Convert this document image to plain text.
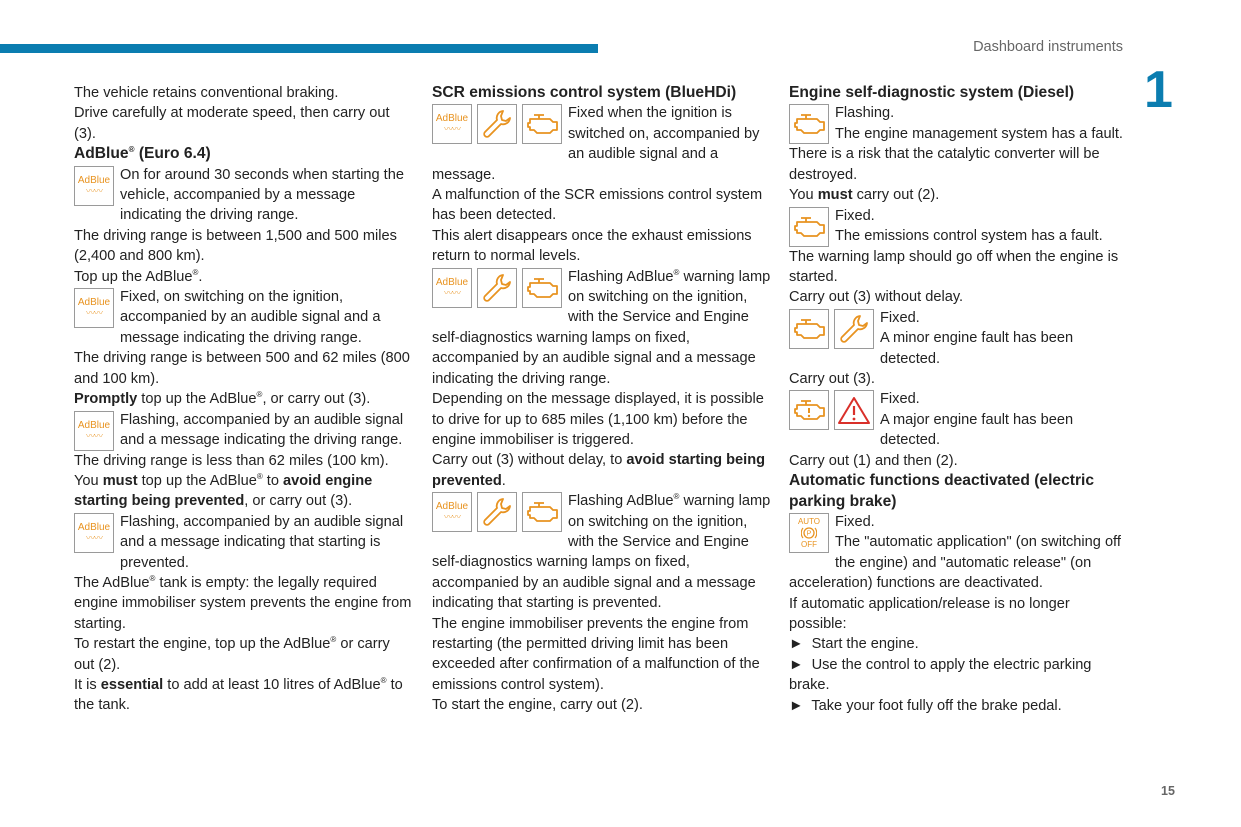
Dashboard instruments
1
15

The vehicle retains conventional braking.

Drive carefully at moderate speed, then carry out (3).

AdBlue® (Euro 6.4)
AdBlue
〰〰
On for around 30 seconds when starting the vehicle, accompanied by a message indicating the driving range.

The driving range is between 1,500 and 500 miles (2,400 and 800 km).

Top up the AdBlue®.

AdBlue
〰〰
Fixed, on switching on the ignition, accompanied by an audible signal and a message indicating the driving range.

The driving range is between 500 and 62 miles (800 and 100 km).

Promptly top up the AdBlue®, or carry out (3).

AdBlue
〰〰
Flashing, accompanied by an audible signal and a message indicating the driving range.

The driving range is less than 62 miles (100 km).

You must top up the AdBlue® to avoid engine starting being prevented, or carry out (3).

AdBlue
〰〰
Flashing, accompanied by an audible signal and a message indicating that starting is prevented.

The AdBlue® tank is empty: the legally required engine immobiliser system prevents the engine from starting.

To restart the engine, top up the AdBlue® or carry out (2).

It is essential to add at least 10 litres of AdBlue® to the tank.

SCR emissions control system (BlueHDi)
AdBlue
〰〰
Fixed when the ignition is switched on, accompanied by an audible signal and a message.

A malfunction of the SCR emissions control system has been detected.

This alert disappears once the exhaust emissions return to normal levels.

AdBlue
〰〰
Flashing AdBlue® warning lamp on switching on the ignition, with the Service and Engine self-diagnostics warning lamps on fixed, accompanied by an audible signal and a message indicating the driving range.

Depending on the message displayed, it is possible to drive for up to 685 miles (1,100 km) before the engine immobiliser is triggered.

Carry out (3) without delay, to avoid starting being prevented.

AdBlue
〰〰
Flashing AdBlue® warning lamp on switching on the ignition, with the Service and Engine self-diagnostics warning lamps on fixed, accompanied by an audible signal and a message indicating that starting is prevented.

The engine immobiliser prevents the engine from restarting (the permitted driving limit has been exceeded after confirmation of a malfunction of the emissions control system).

To start the engine, carry out (2).

Engine self-diagnostic system (Diesel)
Flashing.
The engine management system has a fault.

There is a risk that the catalytic converter will be destroyed.

You must carry out (2).

Fixed.
The emissions control system has a fault.

The warning lamp should go off when the engine is started.

Carry out (3) without delay.

Fixed.
A minor engine fault has been detected.

Carry out (3).

Fixed.
A major engine fault has been detected.

Carry out (1) and then (2).

Automatic functions deactivated (electric parking brake)
AUTO
P
OFF
Fixed.
The "automatic application" (on switching off the engine) and "automatic release" (on acceleration) functions are deactivated.

If automatic application/release is no longer possible:

► Start the engine.

► Use the control to apply the electric parking brake.

► Take your foot fully off the brake pedal.
